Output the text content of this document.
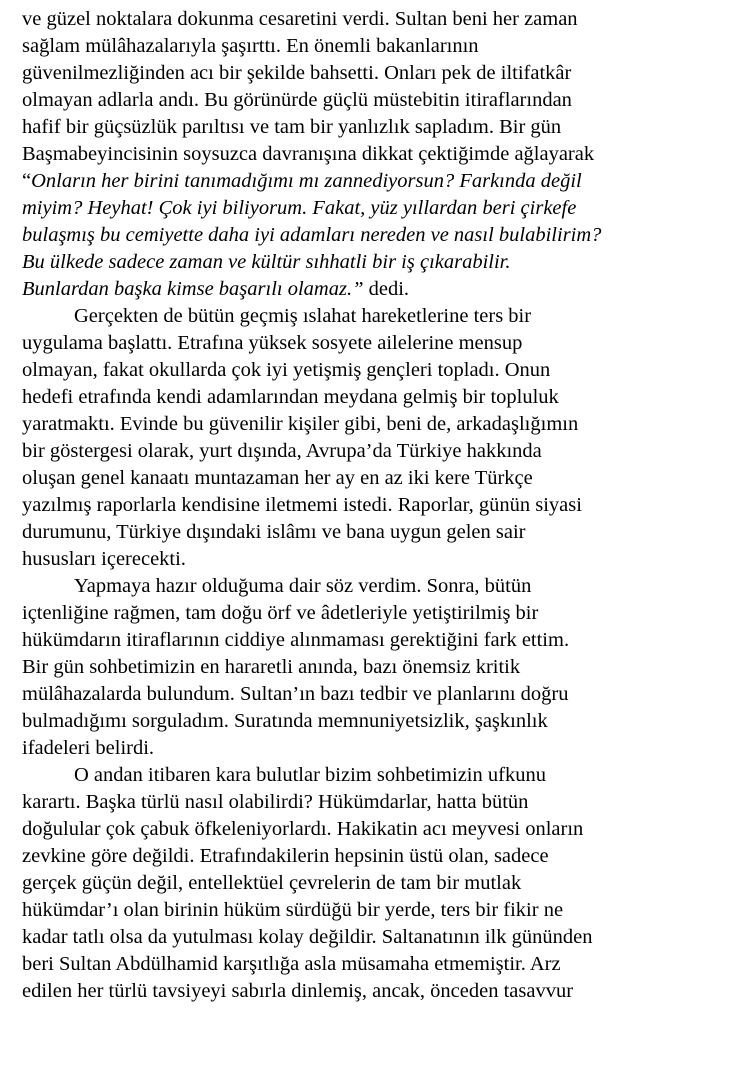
ve güzel noktalara dokunma cesaretini verdi. Sultan beni her zaman
sağlam mülâhazalarıyla şaşırttı. En önemli bakanlarının
güvenilmezliğinden acı bir şekilde bahsetti. Onları pek de iltifatkâr
olmayan adlarla andı. Bu görünürde güçlü müstebitin itiraflarından
hafif bir güçsüzlük parıltısı ve tam bir yanlızlık sapladım. Bir gün
Başmabeyincisinin soysuzca davranışına dikkat çektiğimde ağlayarak
“Onların her birini tanımadığımı mı zannediyorsun? Farkında değil
miyim? Heyhat! Çok iyi biliyorum. Fakat, yüz yıllardan beri çirkefe
bulaşmış bu cemiyette daha iyi adamları nereden ve nasıl bulabilirim?
Bu ülkede sadece zaman ve kültür sıhhatli bir iş çıkarabilir.
Bunlardan başka kimse başarılı olamaz.” dedi.
Gerçekten de bütün geçmiş ıslahat hareketlerine ters bir
uygulama başlattı. Etrafına yüksek sosyete ailelerine mensup
olmayan, fakat okullarda çok iyi yetişmiş gençleri topladı. Onun
hedefi etrafında kendi adamlarından meydana gelmiş bir topluluk
yaratmaktı. Evinde bu güvenilir kişiler gibi, beni de, arkadaşlığımın
bir göstergesi olarak, yurt dışında, Avrupa’da Türkiye hakkında
oluşan genel kanaatı muntazaman her ay en az iki kere Türkçe
yazılmış raporlarla kendisine iletmemi istedi. Raporlar, günün siyasi
durumunu, Türkiye dışındaki islâmı ve bana uygun gelen sair
hususları içerecekti.
Yapmaya hazır olduğuma dair söz verdim. Sonra, bütün
içtenliğine rağmen, tam doğu örf ve âdetleriyle yetiştirilmiş bir
hükümdarın itiraflarının ciddiye alınmaması gerektiğini fark ettim.
Bir gün sohbetimizin en hararetli anında, bazı önemsiz kritik
mülâhazalarda bulundum. Sultan’ın bazı tedbir ve planlarını doğru
bulmadığımı sorguladım. Suratında memnuniyetsizlik, şaşkınlık
ifadeleri belirdi.
O andan itibaren kara bulutlar bizim sohbetimizin ufkunu
karartı. Başka türlü nasıl olabilirdi? Hükümdarlar, hatta bütün
doğulular çok çabuk öfkeleniyorlardı. Hakikatin acı meyvesi onların
zevkine göre değildi. Etrafındakilerin hepsinin üstü olan, sadece
gerçek güçün değil, entellektüel çevrelerin de tam bir mutlak
hükümdar’ı olan birinin hüküm sürdüğü bir yerde, ters bir fikir ne
kadar tatlı olsa da yutulması kolay değildir. Saltanatının ilk gününden
beri Sultan Abdülhamid karşıtlığa asla müsamaha etmemiştir. Arz
edilen her türlü tavsiyeyi sabırla dinlemiş, ancak, önceden tasavvur
